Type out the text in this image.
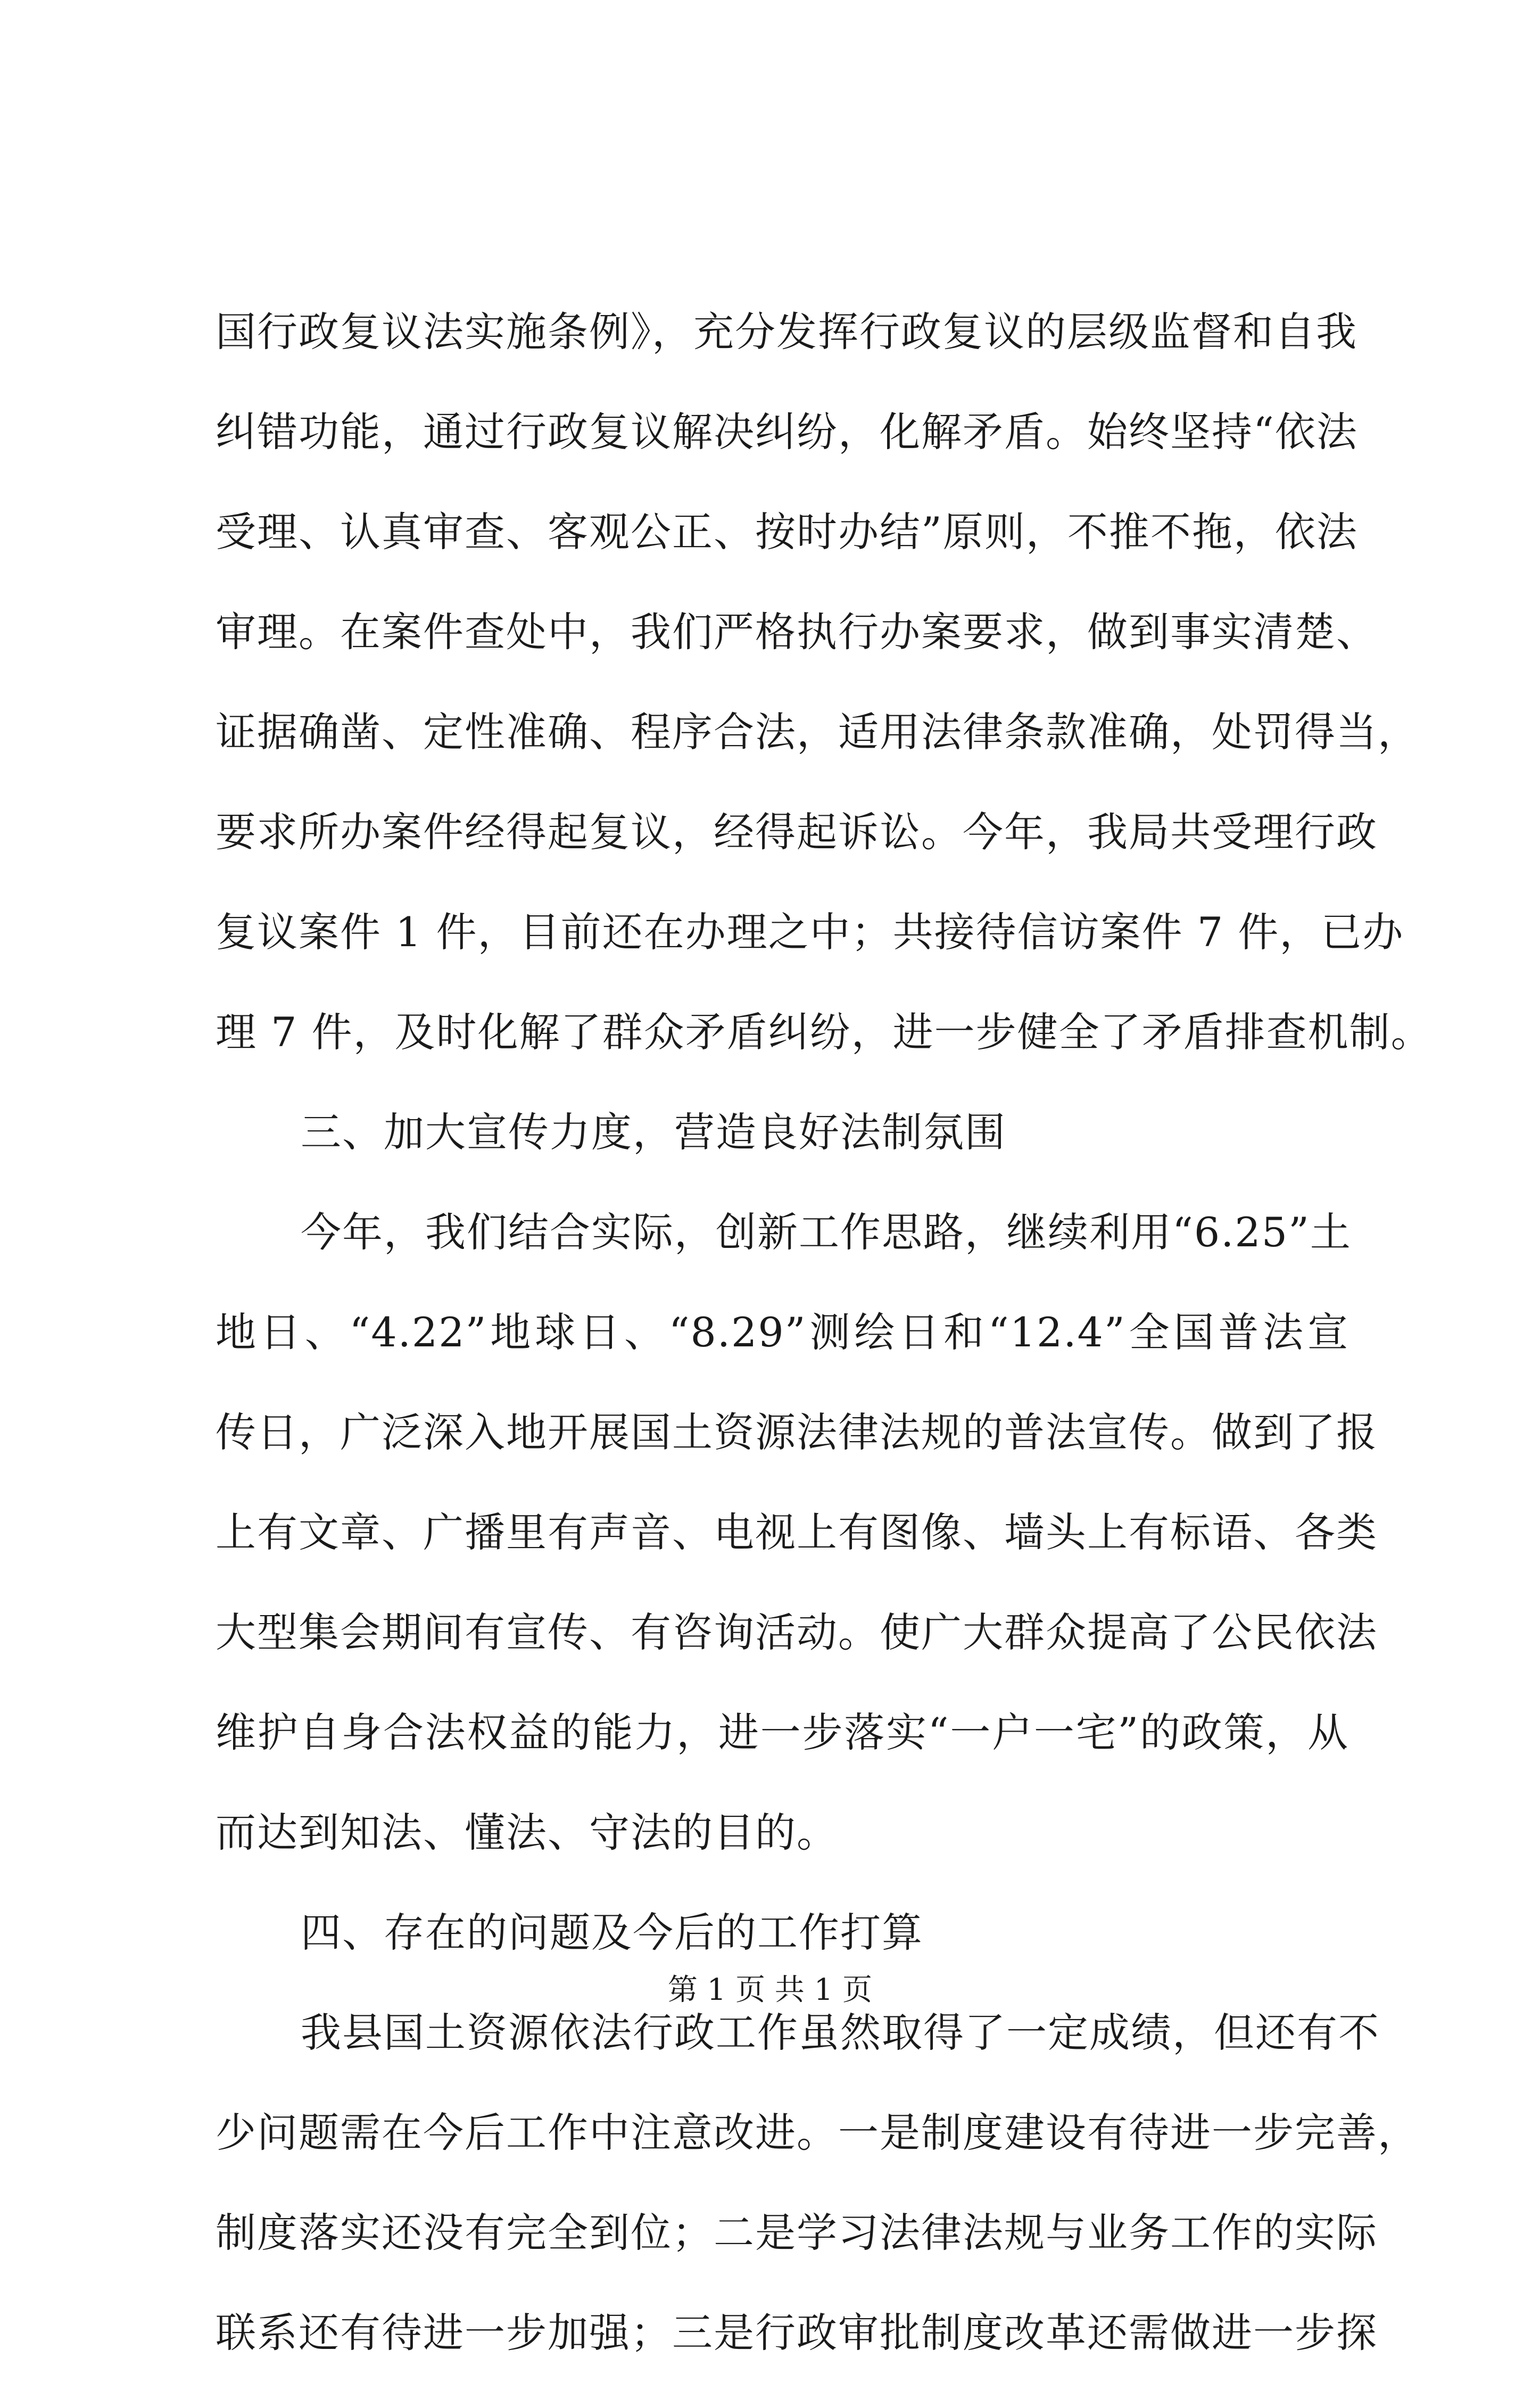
国行政复议法实施条例》，充分发挥行政复议的层级监督和自我
纠错功能，通过行政复议解决纠纷，化解矛盾。始终坚持“依法
受理、认真审查、客观公正、按时办结”原则，不推不拖，依法
审理。在案件查处中，我们严格执行办案要求，做到事实清楚、
证据确凿、定性准确、程序合法，适用法律条款准确，处罚得当，
要求所办案件经得起复议，经得起诉讼。今年，我局共受理行政
复议案件 1 件，目前还在办理之中；共接待信访案件 7 件，已办
理 7 件，及时化解了群众矛盾纠纷，进一步健全了矛盾排查机制。
三、加大宣传力度，营造良好法制氛围
今年，我们结合实际，创新工作思路，继续利用“6.25”土
地日、“4.22”地球日、“8.29”测绘日和“12.4”全国普法宣
传日，广泛深入地开展国土资源法律法规的普法宣传。做到了报
上有文章、广播里有声音、电视上有图像、墙头上有标语、各类
大型集会期间有宣传、有咨询活动。使广大群众提高了公民依法
维护自身合法权益的能力，进一步落实“一户一宅”的政策，从
而达到知法、懂法、守法的目的。
四、存在的问题及今后的工作打算
我县国土资源依法行政工作虽然取得了一定成绩，但还有不
少问题需在今后工作中注意改进。一是制度建设有待进一步完善，
制度落实还没有完全到位；二是学习法律法规与业务工作的实际
联系还有待进一步加强；三是行政审批制度改革还需做进一步探
第 1 页 共 1 页
